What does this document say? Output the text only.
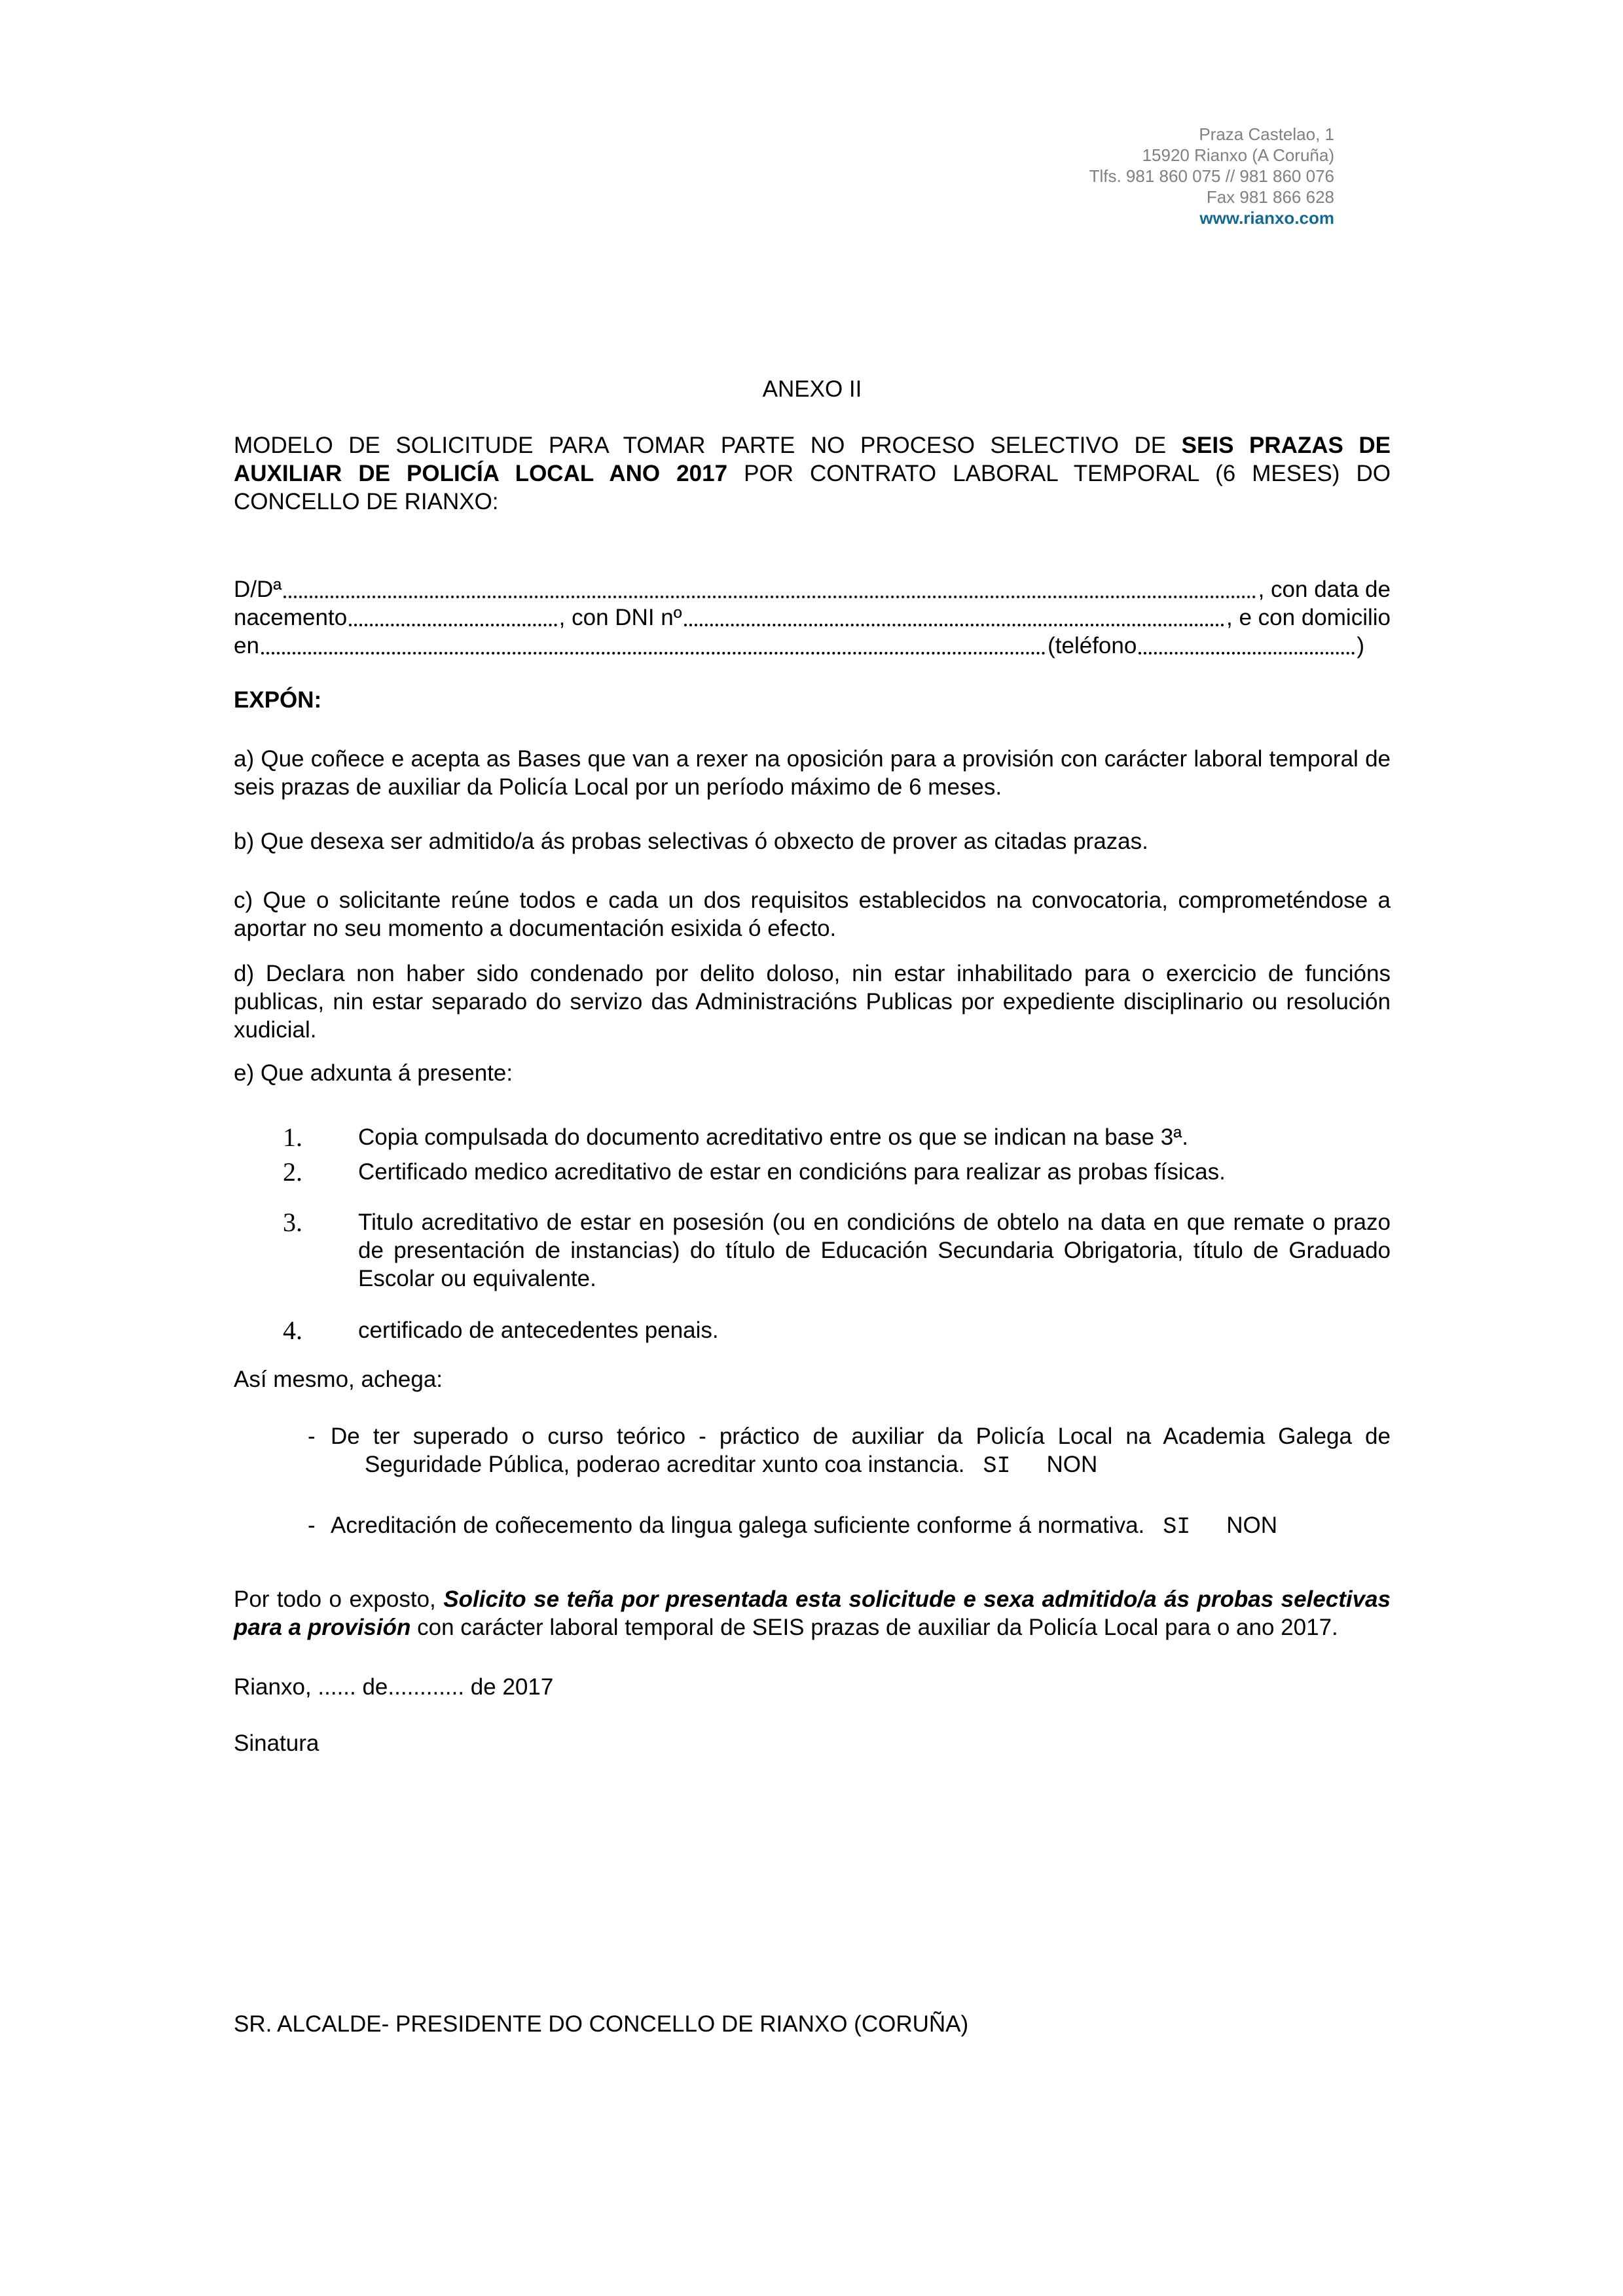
Praza Castelao, 1
15920 Rianxo (A Coruña)
Tlfs. 981 860 075 // 981 860 076
Fax 981 866 628
www.rianxo.com
ANEXO II
MODELO DE SOLICITUDE PARA TOMAR PARTE NO PROCESO SELECTIVO DE SEIS PRAZAS DE AUXILIAR DE POLICÍA LOCAL ANO 2017 POR CONTRATO LABORAL TEMPORAL (6 MESES) DO CONCELLO DE RIANXO:
D/Dª	, con data de
nacemento	, con DNI nº	, e con domicilio
en	(teléfono	)
EXPÓN:
a) Que coñece e acepta as Bases que van a rexer na oposición para a provisión con carácter laboral temporal de seis prazas de auxiliar da Policía Local por un período máximo de 6 meses.
b) Que desexa ser admitido/a ás probas selectivas ó obxecto de prover as citadas prazas.
c) Que o solicitante reúne todos e cada un dos requisitos establecidos na convocatoria, comprometéndose a aportar no seu momento a documentación esixida ó efecto.
d) Declara non haber sido condenado por delito doloso, nin estar inhabilitado para o exercicio de funcións publicas, nin estar separado do servizo das Administracións Publicas por expediente disciplinario ou resolución xudicial.
e) Que adxunta á presente:
1. Copia compulsada do documento acreditativo entre os que se indican na base 3ª.
2. Certificado medico acreditativo de estar en condicións para realizar as probas físicas.
3. Titulo acreditativo de estar en posesión (ou en condicións de obtelo na data en que remate o prazo de presentación de instancias) do título de Educación Secundaria Obrigatoria, título de Graduado Escolar ou equivalente.
4. certificado de antecedentes penais.
Así mesmo, achega:
- De ter superado o curso teórico - práctico de auxiliar da Policía Local na Academia Galega de Seguridade Pública, poderao acreditar xunto coa instancia. SI NON
- Acreditación de coñecemento da lingua galega suficiente conforme á normativa. SI NON
Por todo o exposto, Solicito se teña por presentada esta solicitude e sexa admitido/a ás probas selectivas para a provisión con carácter laboral temporal de SEIS prazas de auxiliar da Policía Local para o ano 2017.
Rianxo, ...... de............ de 2017
Sinatura
SR. ALCALDE- PRESIDENTE DO CONCELLO DE RIANXO (CORUÑA)
